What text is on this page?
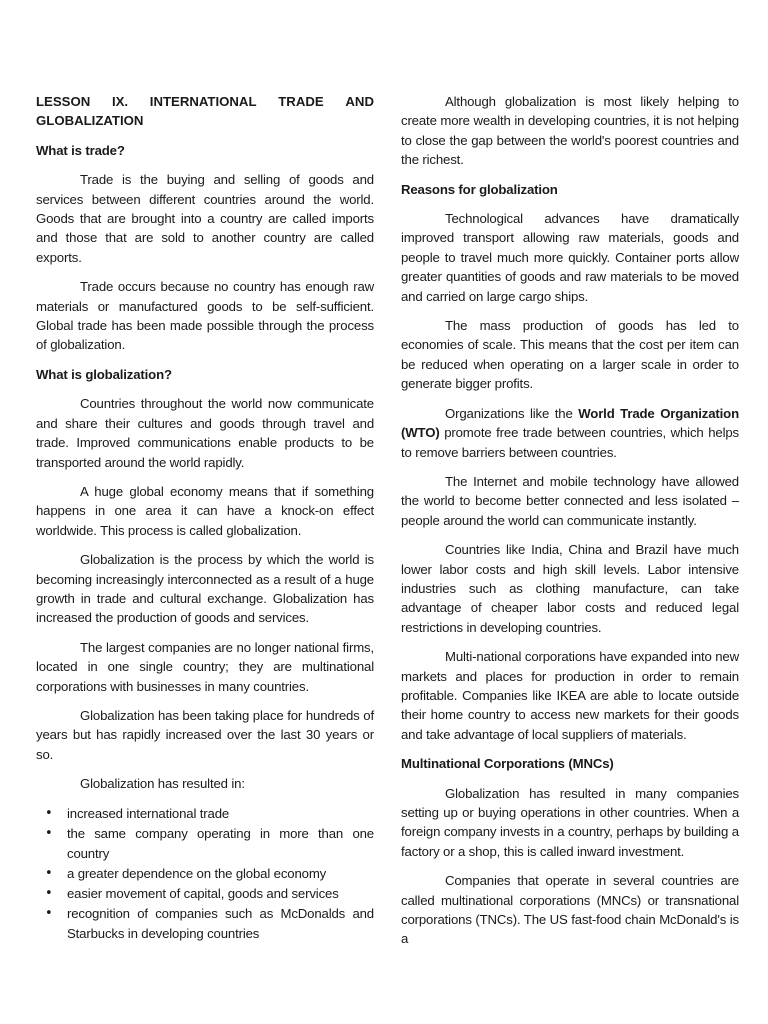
LESSON IX. INTERNATIONAL TRADE AND
GLOBALIZATION
What is trade?

Trade is the buying and selling of goods and services between different countries around the world. Goods that are brought into a country are called imports and those that are sold to another country are called exports.

Trade occurs because no country has enough raw materials or manufactured goods to be self-sufficient. Global trade has been made possible through the process of globalization.

What is globalization?

Countries throughout the world now communicate and share their cultures and goods through travel and trade. Improved communications enable products to be transported around the world rapidly.

A huge global economy means that if something happens in one area it can have a knock-on effect worldwide. This process is called globalization.

Globalization is the process by which the world is becoming increasingly interconnected as a result of a huge growth in trade and cultural exchange. Globalization has increased the production of goods and services.

The largest companies are no longer national firms, located in one single country; they are multinational corporations with businesses in many countries.

Globalization has been taking place for hundreds of years but has rapidly increased over the last 30 years or so.

Globalization has resulted in:

• increased international trade
• the same company operating in more than one country
• a greater dependence on the global economy
• easier movement of capital, goods and services
• recognition of companies such as McDonalds and Starbucks in developing countries

Although globalization is most likely helping to create more wealth in developing countries, it is not helping to close the gap between the world's poorest countries and the richest.

Reasons for globalization

Technological advances have dramatically improved transport allowing raw materials, goods and people to travel much more quickly. Container ports allow greater quantities of goods and raw materials to be moved and carried on large cargo ships.

The mass production of goods has led to economies of scale. This means that the cost per item can be reduced when operating on a larger scale in order to generate bigger profits.

Organizations like the World Trade Organization (WTO) promote free trade between countries, which helps to remove barriers between countries.

The Internet and mobile technology have allowed the world to become better connected and less isolated – people around the world can communicate instantly.

Countries like India, China and Brazil have much lower labor costs and high skill levels. Labor intensive industries such as clothing manufacture, can take advantage of cheaper labor costs and reduced legal restrictions in developing countries.

Multi-national corporations have expanded into new markets and places for production in order to remain profitable. Companies like IKEA are able to locate outside their home country to access new markets for their goods and take advantage of local suppliers of materials.

Multinational Corporations (MNCs)

Globalization has resulted in many companies setting up or buying operations in other countries. When a foreign company invests in a country, perhaps by building a factory or a shop, this is called inward investment.

Companies that operate in several countries are called multinational corporations (MNCs) or transnational corporations (TNCs). The US fast-food chain McDonald's is a
